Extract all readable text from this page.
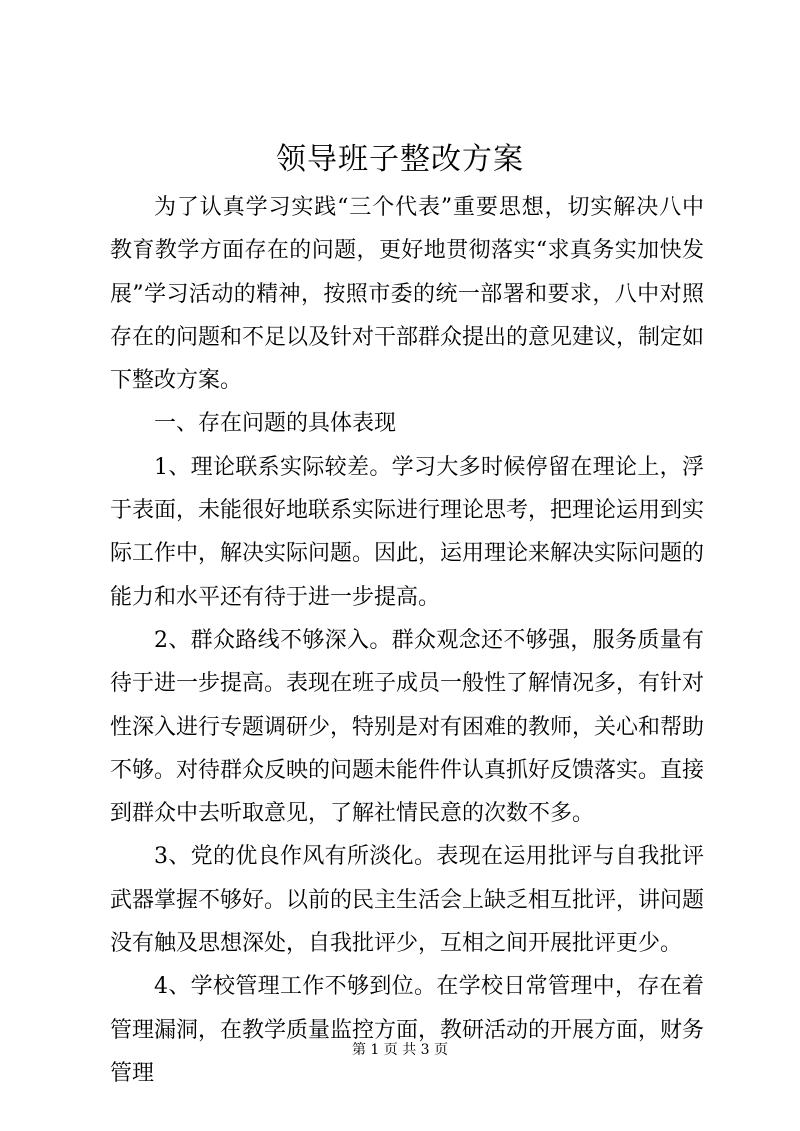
领导班子整改方案

为了认真学习实践“三个代表”重要思想，切实解决八中教育教学方面存在的问题，更好地贯彻落实“求真务实加快发展”学习活动的精神，按照市委的统一部署和要求，八中对照存在的问题和不足以及针对干部群众提出的意见建议，制定如下整改方案。

一、存在问题的具体表现

1、理论联系实际较差。学习大多时候停留在理论上，浮于表面，未能很好地联系实际进行理论思考，把理论运用到实际工作中，解决实际问题。因此，运用理论来解决实际问题的能力和水平还有待于进一步提高。

2、群众路线不够深入。群众观念还不够强，服务质量有待于进一步提高。表现在班子成员一般性了解情况多，有针对性深入进行专题调研少，特别是对有困难的教师，关心和帮助不够。对待群众反映的问题未能件件认真抓好反馈落实。直接到群众中去听取意见，了解社情民意的次数不多。

3、党的优良作风有所淡化。表现在运用批评与自我批评武器掌握不够好。以前的民主生活会上缺乏相互批评，讲问题没有触及思想深处，自我批评少，互相之间开展批评更少。

4、学校管理工作不够到位。在学校日常管理中，存在着管理漏洞，在教学质量监控方面，教研活动的开展方面，财务管理

第 1 页 共 3 页
